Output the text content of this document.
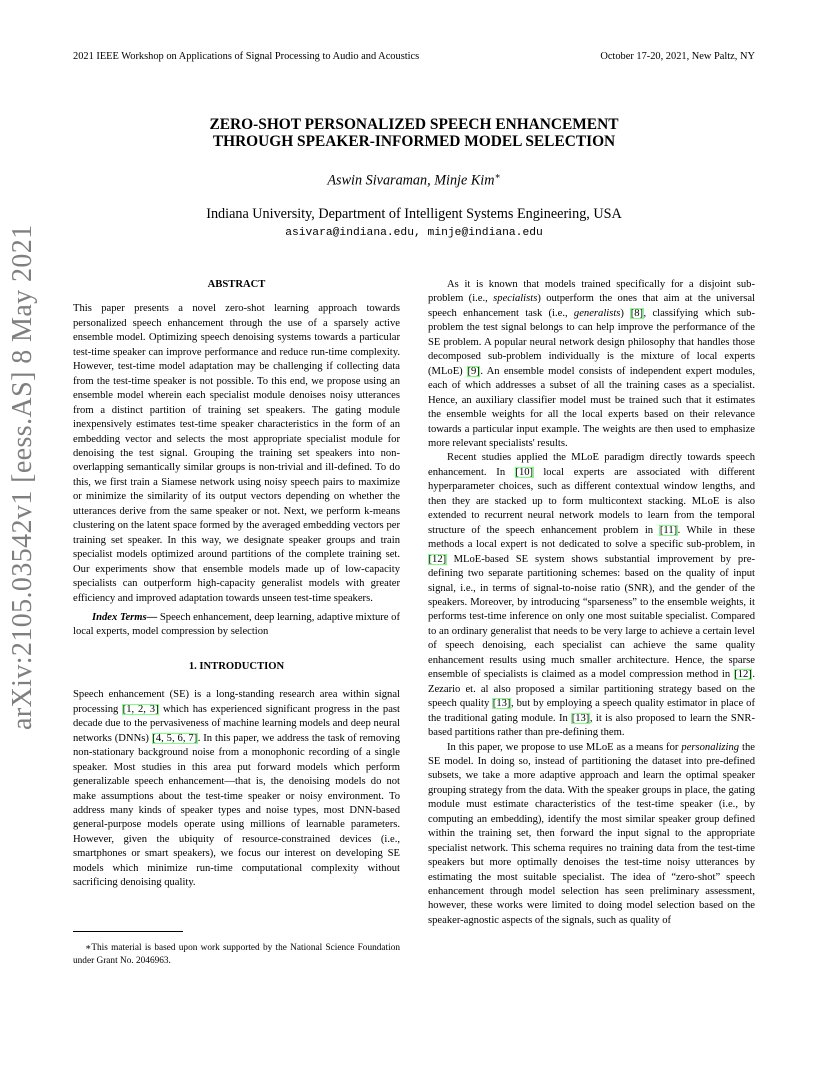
2021 IEEE Workshop on Applications of Signal Processing to Audio and Acoustics	October 17-20, 2021, New Paltz, NY
ZERO-SHOT PERSONALIZED SPEECH ENHANCEMENT
THROUGH SPEAKER-INFORMED MODEL SELECTION
Aswin Sivaraman, Minje Kim∗
Indiana University, Department of Intelligent Systems Engineering, USA
asivara@indiana.edu, minje@indiana.edu
arXiv:2105.03542v1 [eess.AS] 8 May 2021	ABSTRACT

This paper presents a novel zero-shot learning approach towards personalized speech enhancement through the use of a sparsely active ensemble model. Optimizing speech denoising systems towards a particular test-time speaker can improve performance and reduce run-time complexity. However, test-time model adaptation may be challenging if collecting data from the test-time speaker is not possible. To this end, we propose using an ensemble model wherein each specialist module denoises noisy utterances from a distinct partition of training set speakers. The gating module inexpensively estimates test-time speaker characteristics in the form of an embedding vector and selects the most appropriate specialist module for denoising the test signal. Grouping the training set speakers into non-overlapping semantically similar groups is non-trivial and ill-defined. To do this, we first train a Siamese network using noisy speech pairs to maximize or minimize the similarity of its output vectors depending on whether the utterances derive from the same speaker or not. Next, we perform k-means clustering on the latent space formed by the averaged embedding vectors per training set speaker. In this way, we designate speaker groups and train specialist models optimized around partitions of the complete training set. Our experiments show that ensemble models made up of low-capacity specialists can outperform high-capacity generalist models with greater efficiency and improved adaptation towards unseen test-time speakers.

Index Terms— Speech enhancement, deep learning, adaptive mixture of local experts, model compression by selection

1. INTRODUCTION

Speech enhancement (SE) is a long-standing research area within signal processing [1, 2, 3] which has experienced significant progress in the past decade due to the pervasiveness of machine learning models and deep neural networks (DNNs) [4, 5, 6, 7]. In this paper, we address the task of removing non-stationary background noise from a monophonic recording of a single speaker. Most studies in this area put forward models which perform generalizable speech enhancement—that is, the denoising models do not make assumptions about the test-time speaker or noisy environment. To address many kinds of speaker types and noise types, most DNN-based general-purpose models operate using millions of learnable parameters. However, given the ubiquity of resource-constrained devices (i.e., smartphones or smart speakers), we focus our interest on developing SE models which minimize run-time computational complexity without sacrificing denoising quality.

∗This material is based upon work supported by the National Science Foundation under Grant No. 2046963.

As it is known that models trained specifically for a disjoint sub-problem (i.e., specialists) outperform the ones that aim at the universal speech enhancement task (i.e., generalists) [8], classifying which sub-problem the test signal belongs to can help improve the performance of the SE problem. A popular neural network design philosophy that handles those decomposed sub-problem individually is the mixture of local experts (MLoE) [9]. An ensemble model consists of independent expert modules, each of which addresses a subset of all the training cases as a specialist. Hence, an auxiliary classifier model must be trained such that it estimates the ensemble weights for all the local experts based on their relevance towards a particular input example. The weights are then used to emphasize more relevant specialists' results.

Recent studies applied the MLoE paradigm directly towards speech enhancement. In [10] local experts are associated with different hyperparameter choices, such as different contextual window lengths, and then they are stacked up to form multicontext stacking. MLoE is also extended to recurrent neural network models to learn from the temporal structure of the speech enhancement problem in [11]. While in these methods a local expert is not dedicated to solve a specific sub-problem, in [12] MLoE-based SE system shows substantial improvement by pre-defining two separate partitioning schemes: based on the quality of input signal, i.e., in terms of signal-to-noise ratio (SNR), and the gender of the speakers. Moreover, by introducing “sparseness” to the ensemble weights, it performs test-time inference on only one most suitable specialist. Compared to an ordinary generalist that needs to be very large to achieve a certain level of speech denoising, each specialist can achieve the same quality enhancement results using much smaller architecture. Hence, the sparse ensemble of specialists is claimed as a model compression method in [12]. Zezario et. al also proposed a similar partitioning strategy based on the speech quality [13], but by employing a speech quality estimator in place of the traditional gating module. In [13], it is also proposed to learn the SNR-based partitions rather than pre-defining them.

In this paper, we propose to use MLoE as a means for personalizing the SE model. In doing so, instead of partitioning the dataset into pre-defined subsets, we take a more adaptive approach and learn the optimal speaker grouping strategy from the data. With the speaker groups in place, the gating module must estimate characteristics of the test-time speaker (i.e., by computing an embedding), identify the most similar speaker group defined within the training set, then forward the input signal to the appropriate specialist network. This schema requires no training data from the test-time speakers but more optimally denoises the test-time noisy utterances by estimating the most suitable specialist. The idea of “zero-shot” speech enhancement through model selection has seen preliminary assessment, however, these works were limited to doing model selection based on the speaker-agnostic aspects of the signals, such as quality of
